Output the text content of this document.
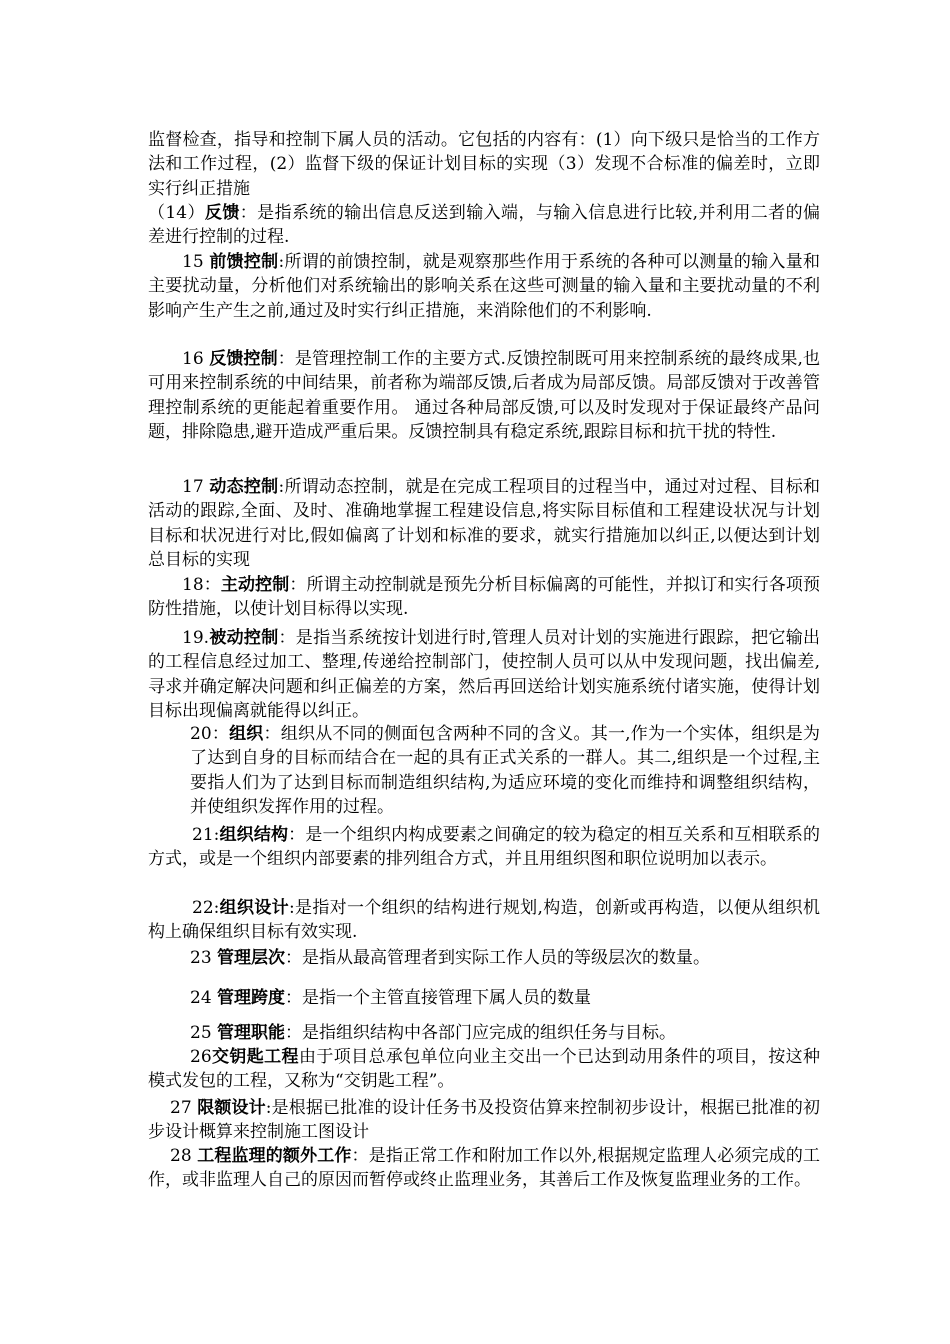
监督检查，指导和控制下属人员的活动。它包括的内容有：(1）向下级只是恰当的工作方法和工作过程，(2）监督下级的保证计划目标的实现（3）发现不合标准的偏差时，立即实行纠正措施

（14）反馈：是指系统的输出信息反送到输入端，与输入信息进行比较,并利用二者的偏差进行控制的过程.

15 前馈控制:所谓的前馈控制，就是观察那些作用于系统的各种可以测量的输入量和主要扰动量，分析他们对系统输出的影响关系在这些可测量的输入量和主要扰动量的不利影响产生产生之前,通过及时实行纠正措施，来消除他们的不利影响.

16 反馈控制：是管理控制工作的主要方式.反馈控制既可用来控制系统的最终成果,也可用来控制系统的中间结果，前者称为端部反馈,后者成为局部反馈。局部反馈对于改善管理控制系统的更能起着重要作用。 通过各种局部反馈,可以及时发现对于保证最终产品问题，排除隐患,避开造成严重后果。反馈控制具有稳定系统,跟踪目标和抗干扰的特性.

17 动态控制:所谓动态控制，就是在完成工程项目的过程当中，通过对过程、目标和活动的跟踪,全面、及时、准确地掌握工程建设信息,将实际目标值和工程建设状况与计划目标和状况进行对比,假如偏离了计划和标准的要求，就实行措施加以纠正,以便达到计划总目标的实现

18：主动控制：所谓主动控制就是预先分析目标偏离的可能性，并拟订和实行各项预防性措施，以使计划目标得以实现.

19.被动控制：是指当系统按计划进行时,管理人员对计划的实施进行跟踪，把它输出的工程信息经过加工、整理,传递给控制部门，使控制人员可以从中发现问题，找出偏差,寻求并确定解决问题和纠正偏差的方案，然后再回送给计划实施系统付诸实施，使得计划目标出现偏离就能得以纠正。

20：组织：组织从不同的侧面包含两种不同的含义。其一,作为一个实体，组织是为了达到自身的目标而结合在一起的具有正式关系的一群人。其二,组织是一个过程,主要指人们为了达到目标而制造组织结构,为适应环境的变化而维持和调整组织结构，并使组织发挥作用的过程。

21:组织结构：是一个组织内构成要素之间确定的较为稳定的相互关系和互相联系的方式，或是一个组织内部要素的排列组合方式，并且用组织图和职位说明加以表示。

22:组织设计:是指对一个组织的结构进行规划,构造，创新或再构造，以便从组织机构上确保组织目标有效实现.

23 管理层次：是指从最高管理者到实际工作人员的等级层次的数量。

24 管理跨度：是指一个主管直接管理下属人员的数量

25 管理职能：是指组织结构中各部门应完成的组织任务与目标。

26交钥匙工程由于项目总承包单位向业主交出一个已达到动用条件的项目，按这种模式发包的工程，又称为“交钥匙工程”。

27 限额设计:是根据已批准的设计任务书及投资估算来控制初步设计，根据已批准的初步设计概算来控制施工图设计

28 工程监理的额外工作：是指正常工作和附加工作以外,根据规定监理人必须完成的工作，或非监理人自己的原因而暂停或终止监理业务，其善后工作及恢复监理业务的工作。
